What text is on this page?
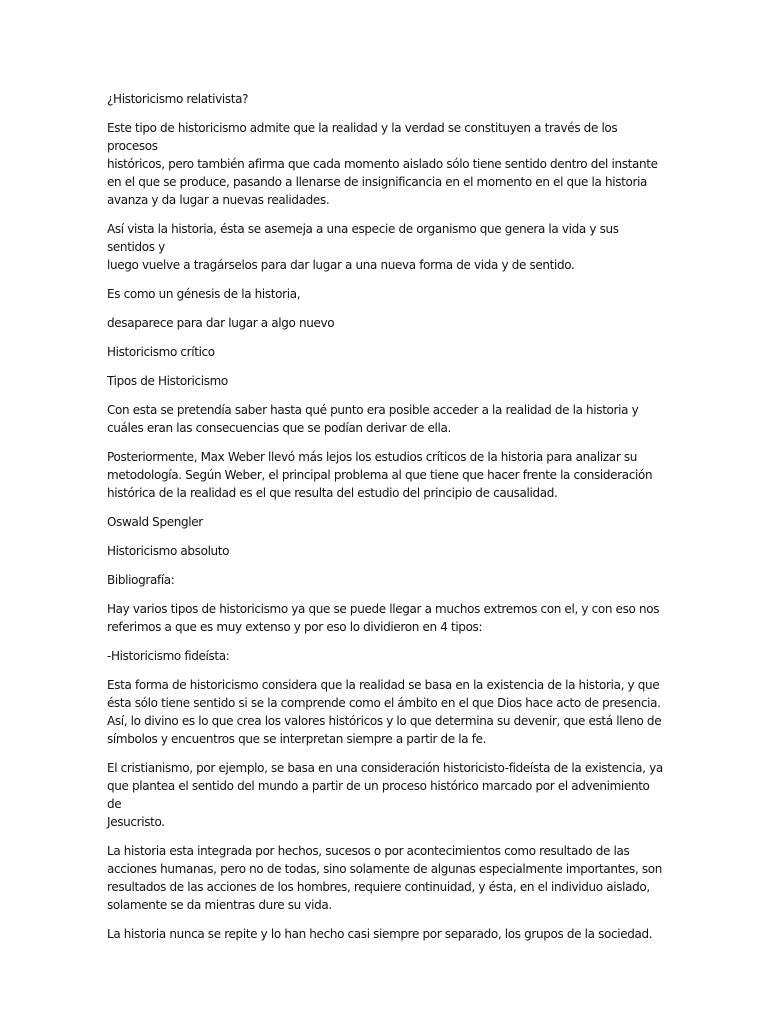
¿Historicismo relativista?

Este tipo de historicismo admite que la realidad y la verdad se constituyen a través de los procesos
históricos, pero también afirma que cada momento aislado sólo tiene sentido dentro del instante
en el que se produce, pasando a llenarse de insignificancia en el momento en el que la historia
avanza y da lugar a nuevas realidades.

Así vista la historia, ésta se asemeja a una especie de organismo que genera la vida y sus sentidos y
luego vuelve a tragárselos para dar lugar a una nueva forma de vida y de sentido.

Es como un génesis de la historia,

desaparece para dar lugar a algo nuevo

Historicismo crítico

Tipos de Historicismo

Con esta se pretendía saber hasta qué punto era posible acceder a la realidad de la historia y
cuáles eran las consecuencias que se podían derivar de ella.

Posteriormente, Max Weber llevó más lejos los estudios críticos de la historia para analizar su
metodología. Según Weber, el principal problema al que tiene que hacer frente la consideración
histórica de la realidad es el que resulta del estudio del principio de causalidad.

Oswald Spengler

Historicismo absoluto

Bibliografía:

Hay varios tipos de historicismo ya que se puede llegar a muchos extremos con el, y con eso nos
referimos a que es muy extenso y por eso lo dividieron en 4 tipos:

-Historicismo fideísta:

Esta forma de historicismo considera que la realidad se basa en la existencia de la historia, y que
ésta sólo tiene sentido si se la comprende como el ámbito en el que Dios hace acto de presencia.
Así, lo divino es lo que crea los valores históricos y lo que determina su devenir, que está lleno de
símbolos y encuentros que se interpretan siempre a partir de la fe.

El cristianismo, por ejemplo, se basa en una consideración historicisto-fideísta de la existencia, ya
que plantea el sentido del mundo a partir de un proceso histórico marcado por el advenimiento de
Jesucristo.

La historia esta integrada por hechos, sucesos o por acontecimientos como resultado de las
acciones humanas, pero no de todas, sino solamente de algunas especialmente importantes, son
resultados de las acciones de los hombres, requiere continuidad, y ésta, en el individuo aislado,
solamente se da mientras dure su vida.

La historia nunca se repite y lo han hecho casi siempre por separado, los grupos de la sociedad.
